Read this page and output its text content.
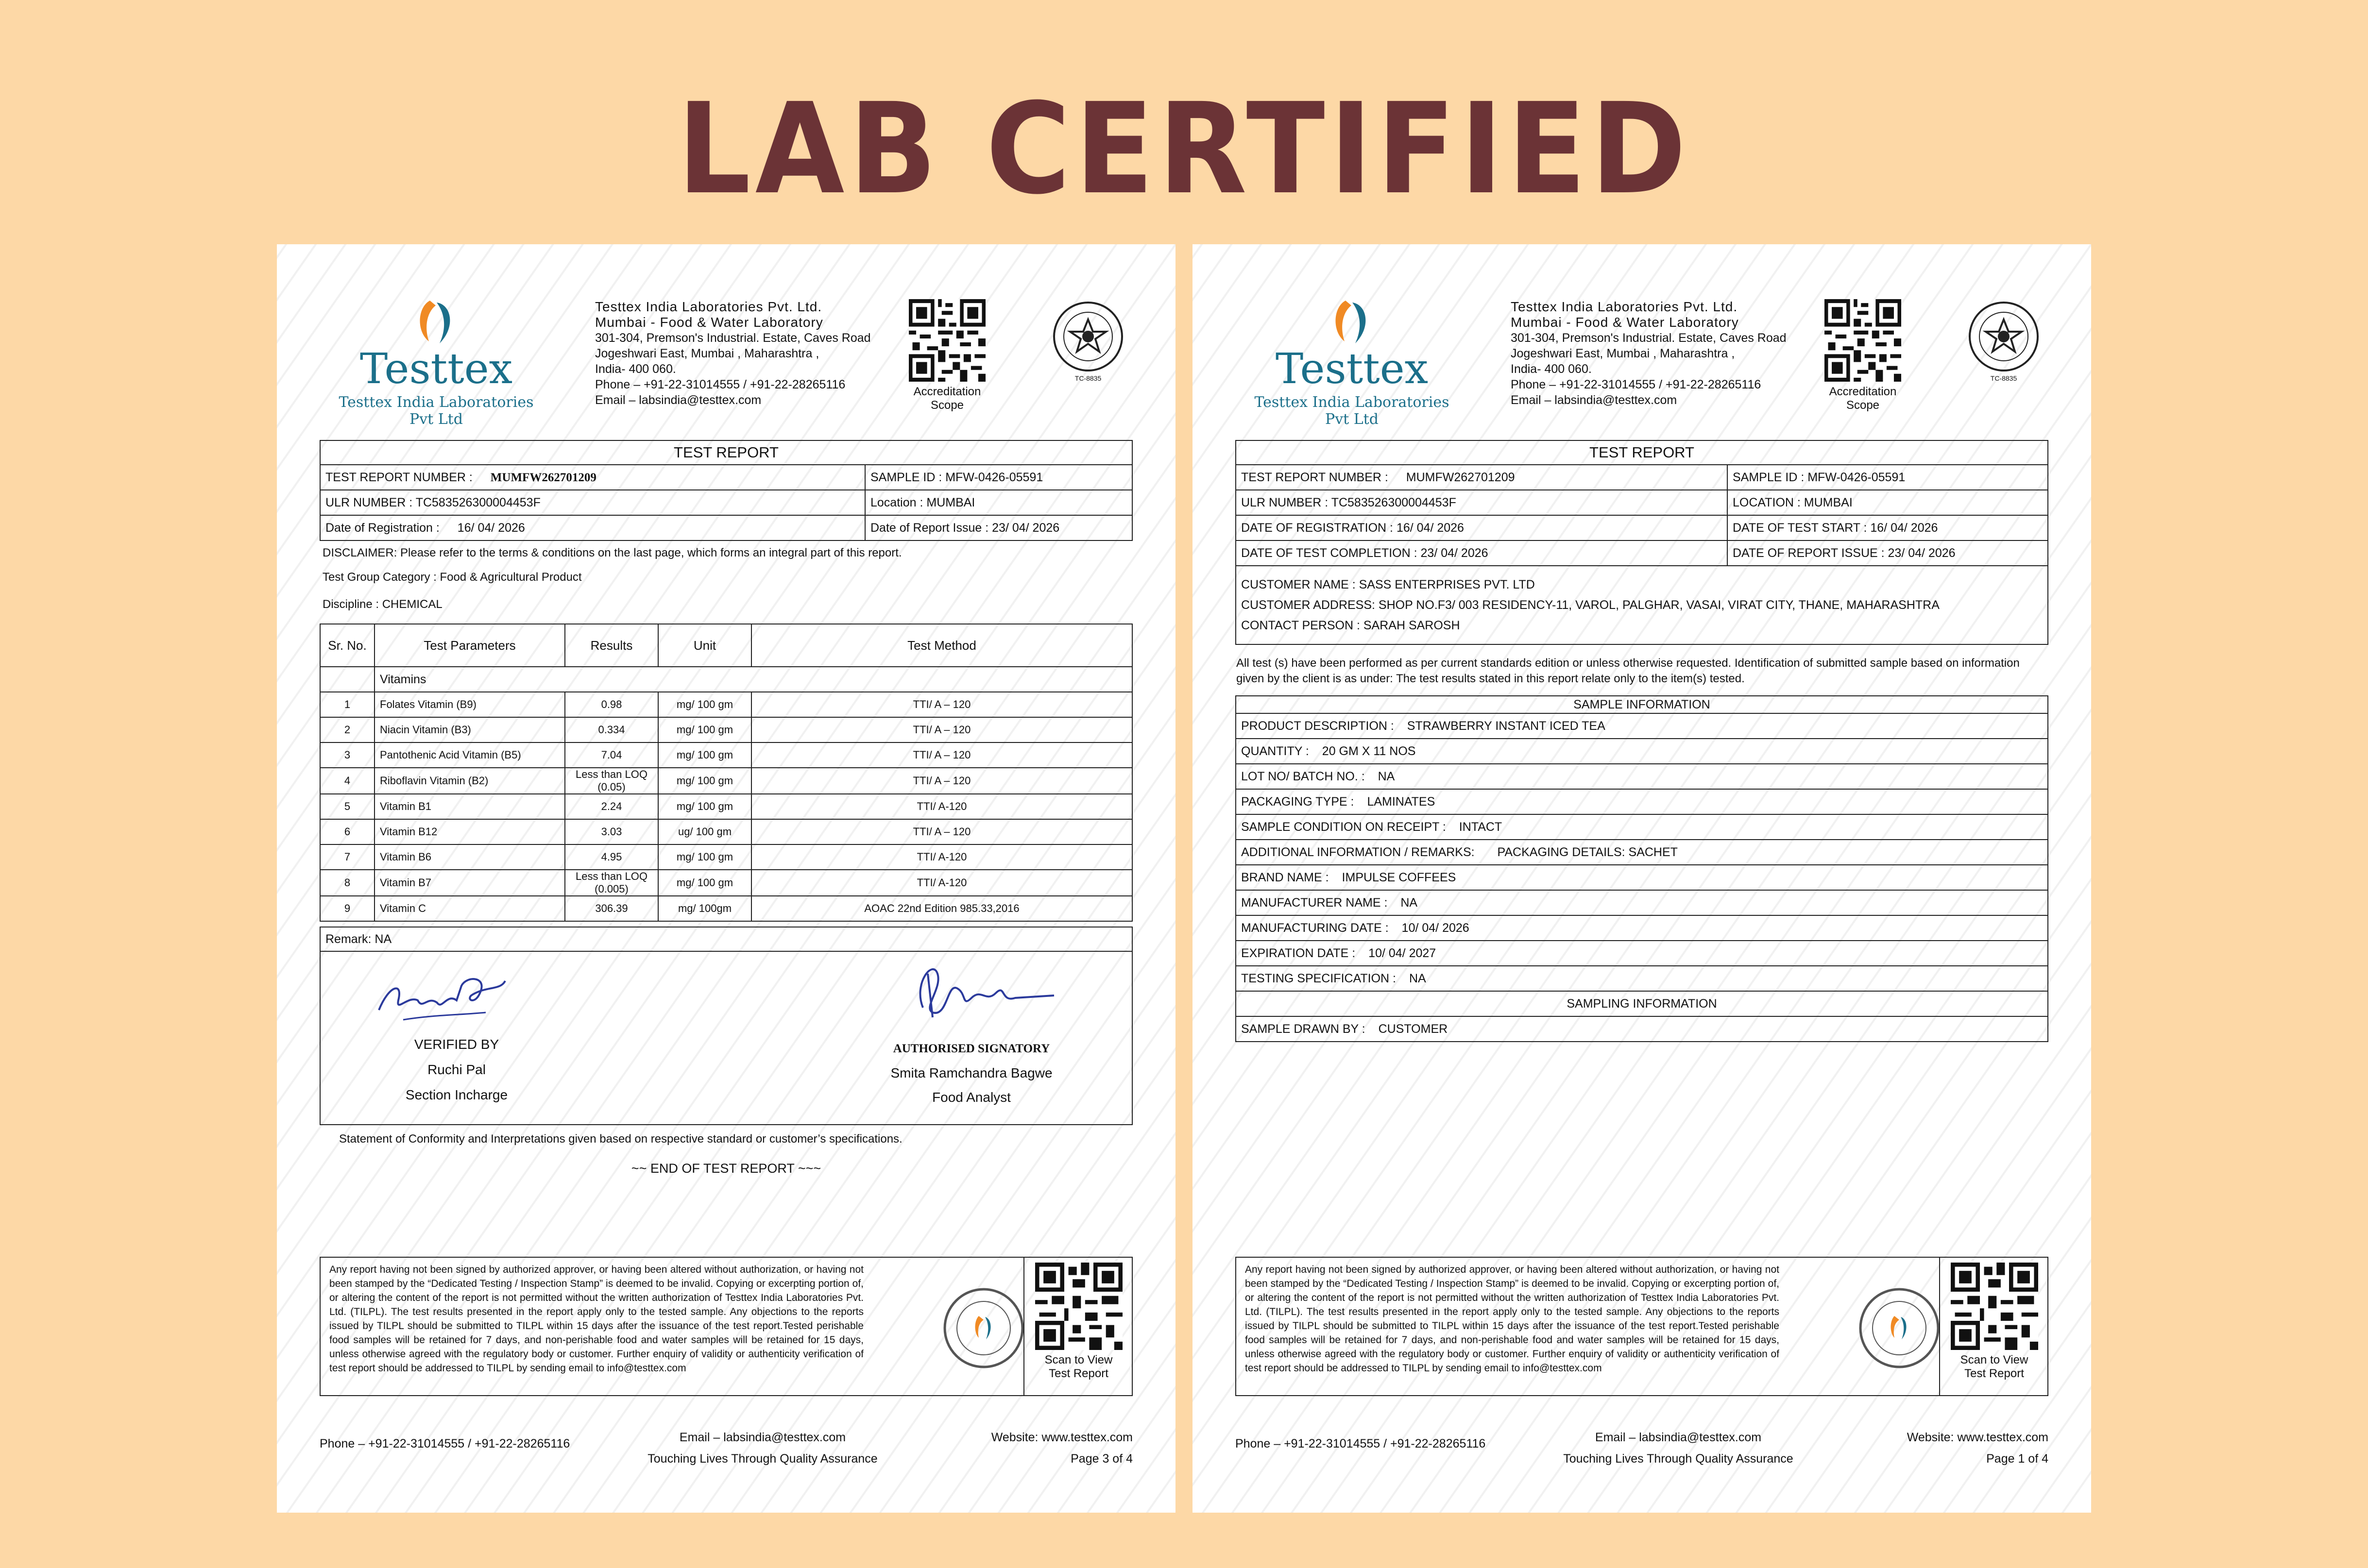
LAB CERTIFIED
Testtex
Testtex India Laboratories Pvt Ltd
Testtex India Laboratories Pvt. Ltd.
Mumbai - Food & Water Laboratory
301-304, Premson's Industrial. Estate, Caves Road
Jogeshwari East, Mumbai , Maharashtra ,
India- 400 060.
Phone – +91-22-31014555 / +91-22-28265116
Email – labsindia@testtex.com
Accreditation Scope
TC-8835
TEST REPORT	
TEST REPORT NUMBER : MUMFW262701209	SAMPLE ID : MFW-0426-05591
ULR NUMBER : TC583526300004453F	Location : MUMBAI
Date of Registration : 16/ 04/ 2026	Date of Report Issue : 23/ 04/ 2026
DISCLAIMER: Please refer to the terms & conditions on the last page, which forms an integral part of this report.
Test Group Category : Food & Agricultural Product
Discipline : CHEMICAL
Sr. No.	Test Parameters	Results	Unit	Test Method
	Vitamins			
1	Folates Vitamin (B9)	0.98	mg/ 100 gm	TTI/ A – 120
2	Niacin Vitamin (B3)	0.334	mg/ 100 gm	TTI/ A – 120
3	Pantothenic Acid Vitamin (B5)	7.04	mg/ 100 gm	TTI/ A – 120
4	Riboflavin Vitamin (B2)	Less than LOQ (0.05)	mg/ 100 gm	TTI/ A – 120
5	Vitamin B1	2.24	mg/ 100 gm	TTI/ A-120
6	Vitamin B12	3.03	ug/ 100 gm	TTI/ A – 120
7	Vitamin B6	4.95	mg/ 100 gm	TTI/ A-120
8	Vitamin B7	Less than LOQ (0.005)	mg/ 100 gm	TTI/ A-120
9	Vitamin C	306.39	mg/ 100gm	AOAC 22nd Edition 985.33,2016
Remark: NA
VERIFIED BY
Ruchi Pal
Section Incharge
AUTHORISED SIGNATORY
Smita Ramchandra Bagwe
Food Analyst
Statement of Conformity and Interpretations given based on respective standard or customer’s specifications.
~~ END OF TEST REPORT ~~~

Any report having not been signed by authorized approver, or having been altered without authorization, or having not been stamped by the “Dedicated Testing / Inspection Stamp” is deemed to be invalid. Copying or excerpting portion of, or altering the content of the report is not permitted without the written authorization of Testtex India Laboratories Pvt. Ltd. (TILPL). The test results presented in the report apply only to the tested sample. Any objections to the reports issued by TILPL should be submitted to TILPL within 15 days after the issuance of the test report.Tested perishable food samples will be retained for 7 days, and non-perishable food and water samples will be retained for 15 days, unless otherwise agreed with the regulatory body or customer. Further enquiry of validity or authenticity verification of test report should be addressed to TILPL by sending email to info@testtex.com

Scan to View
Test Report
Phone – +91-22-31014555 / +91-22-28265116	Email – labsindia@testtex.com
Touching Lives Through Quality Assurance
Website: www.testtex.com
Page 3 of 4
Testtex
Testtex India Laboratories Pvt Ltd
Testtex India Laboratories Pvt. Ltd.
Mumbai - Food & Water Laboratory
301-304, Premson's Industrial. Estate, Caves Road
Jogeshwari East, Mumbai , Maharashtra ,
India- 400 060.
Phone – +91-22-31014555 / +91-22-28265116
Email – labsindia@testtex.com
Accreditation Scope
TC-8835
TEST REPORT	
TEST REPORT NUMBER : MUMFW262701209	SAMPLE ID : MFW-0426-05591
ULR NUMBER : TC583526300004453F	LOCATION : MUMBAI
DATE OF REGISTRATION : 16/ 04/ 2026	DATE OF TEST START : 16/ 04/ 2026
DATE OF TEST COMPLETION : 23/ 04/ 2026	DATE OF REPORT ISSUE : 23/ 04/ 2026

CUSTOMER NAME : SASS ENTERPRISES PVT. LTD
CUSTOMER ADDRESS: SHOP NO.F3/ 003 RESIDENCY-11, VAROL, PALGHAR, VASAI, VIRAT CITY, THANE, MAHARASHTRA
CONTACT PERSON : SARAH SAROSH	
All test (s) have been performed as per current standards edition or unless otherwise requested. Identification of submitted sample based on information given by the client is as under: The test results stated in this report relate only to the item(s) tested.
SAMPLE INFORMATION
PRODUCT DESCRIPTION : STRAWBERRY INSTANT ICED TEA
QUANTITY : 20 GM X 11 NOS
LOT NO/ BATCH NO. : NA
PACKAGING TYPE : LAMINATES
SAMPLE CONDITION ON RECEIPT : INTACT
ADDITIONAL INFORMATION / REMARKS: PACKAGING DETAILS: SACHET
BRAND NAME : IMPULSE COFFEES
MANUFACTURER NAME : NA
MANUFACTURING DATE : 10/ 04/ 2026
EXPIRATION DATE : 10/ 04/ 2027
TESTING SPECIFICATION : NA
SAMPLING INFORMATION
SAMPLE DRAWN BY : CUSTOMER

Any report having not been signed by authorized approver, or having been altered without authorization, or having not been stamped by the “Dedicated Testing / Inspection Stamp” is deemed to be invalid. Copying or excerpting portion of, or altering the content of the report is not permitted without the written authorization of Testtex India Laboratories Pvt. Ltd. (TILPL). The test results presented in the report apply only to the tested sample. Any objections to the reports issued by TILPL should be submitted to TILPL within 15 days after the issuance of the test report.Tested perishable food samples will be retained for 7 days, and non-perishable food and water samples will be retained for 15 days, unless otherwise agreed with the regulatory body or customer. Further enquiry of validity or authenticity verification of test report should be addressed to TILPL by sending email to info@testtex.com

Scan to View
Test Report
Phone – +91-22-31014555 / +91-22-28265116	Email – labsindia@testtex.com
Touching Lives Through Quality Assurance
Website: www.testtex.com
Page 1 of 4
